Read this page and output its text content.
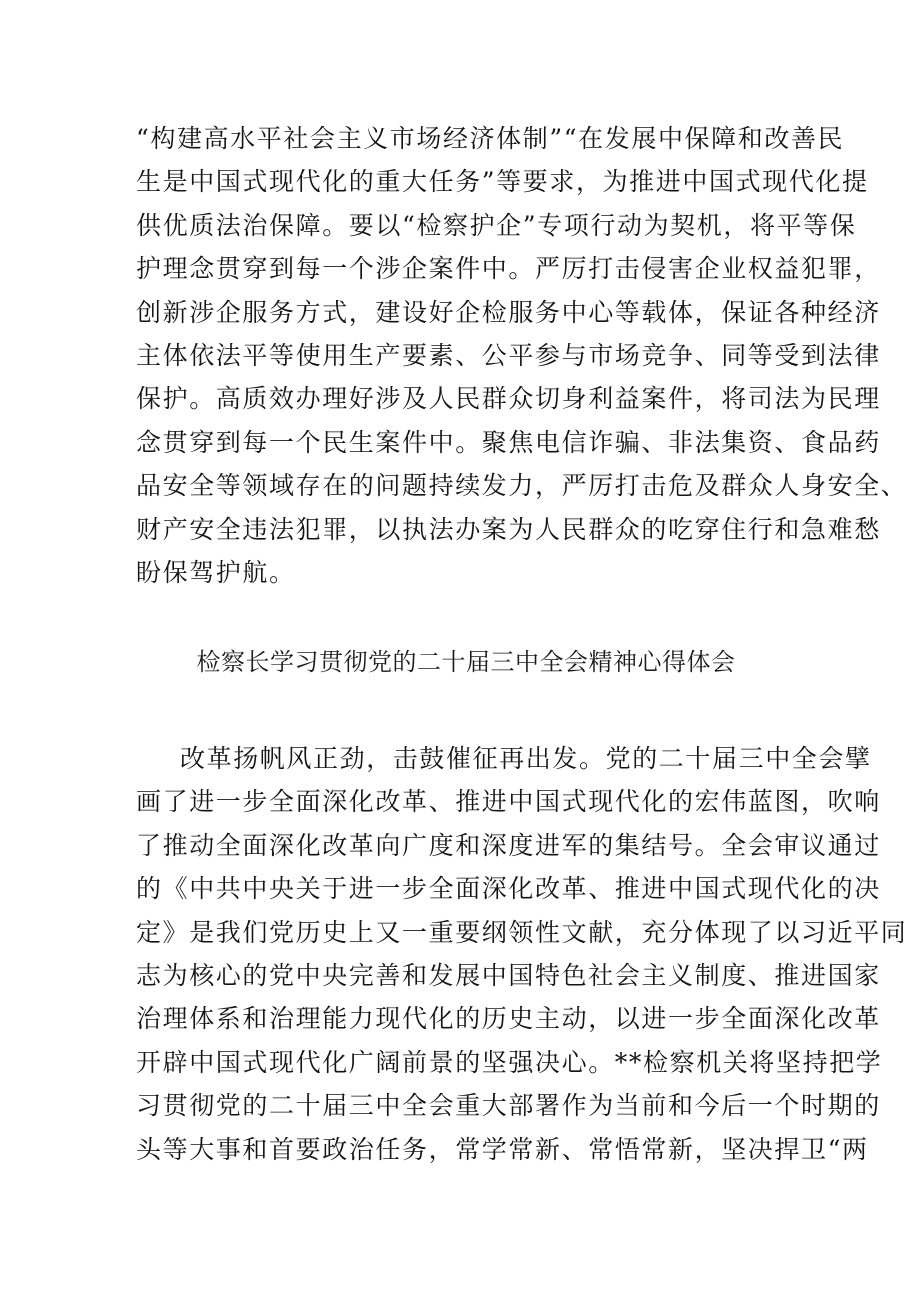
“构建高水平社会主义市场经济体制”“在发展中保障和改善民
生是中国式现代化的重大任务”等要求，为推进中国式现代化提
供优质法治保障。要以“检察护企”专项行动为契机，将平等保
护理念贯穿到每一个涉企案件中。严厉打击侵害企业权益犯罪，
创新涉企服务方式，建设好企检服务中心等载体，保证各种经济
主体依法平等使用生产要素、公平参与市场竞争、同等受到法律
保护。高质效办理好涉及人民群众切身利益案件，将司法为民理
念贯穿到每一个民生案件中。聚焦电信诈骗、非法集资、食品药
品安全等领域存在的问题持续发力，严厉打击危及群众人身安全、
财产安全违法犯罪，以执法办案为人民群众的吃穿住行和急难愁
盼保驾护航。
检察长学习贯彻党的二十届三中全会精神心得体会
改革扬帆风正劲，击鼓催征再出发。党的二十届三中全会擘
画了进一步全面深化改革、推进中国式现代化的宏伟蓝图，吹响
了推动全面深化改革向广度和深度进军的集结号。全会审议通过
的《中共中央关于进一步全面深化改革、推进中国式现代化的决
定》是我们党历史上又一重要纲领性文献，充分体现了以习近平同
志为核心的党中央完善和发展中国特色社会主义制度、推进国家
治理体系和治理能力现代化的历史主动，以进一步全面深化改革
开辟中国式现代化广阔前景的坚强决心。**检察机关将坚持把学
习贯彻党的二十届三中全会重大部署作为当前和今后一个时期的
头等大事和首要政治任务，常学常新、常悟常新，坚决捍卫“两
